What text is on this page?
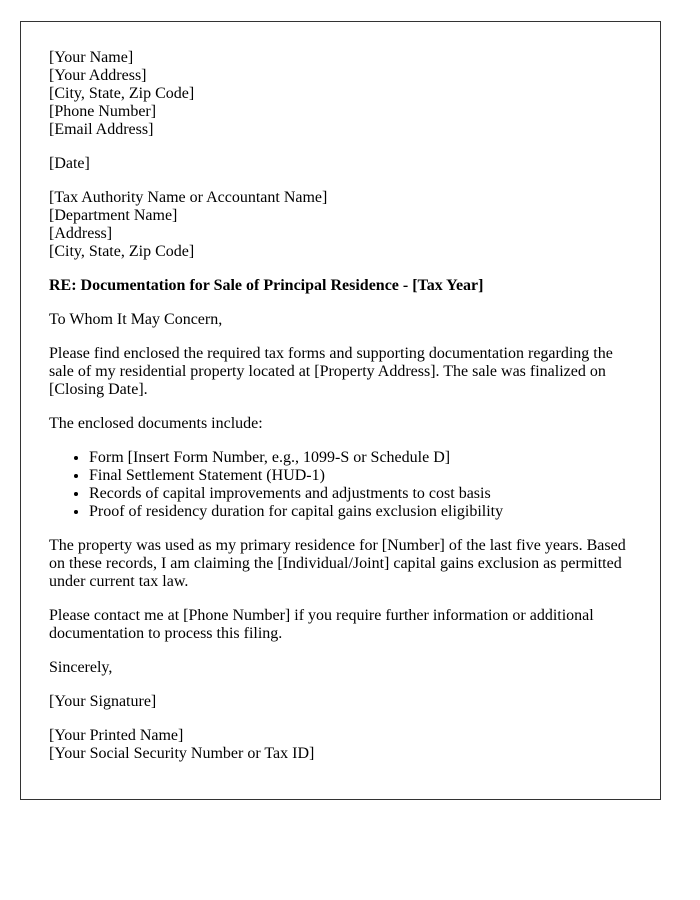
[Your Name]
[Your Address]
[City, State, Zip Code]
[Phone Number]
[Email Address]

[Date]

[Tax Authority Name or Accountant Name]
[Department Name]
[Address]
[City, State, Zip Code]

RE: Documentation for Sale of Principal Residence - [Tax Year]

To Whom It May Concern,

Please find enclosed the required tax forms and supporting documentation regarding the sale of my residential property located at [Property Address]. The sale was finalized on [Closing Date].

The enclosed documents include:

• Form [Insert Form Number, e.g., 1099-S or Schedule D]
• Final Settlement Statement (HUD-1)
• Records of capital improvements and adjustments to cost basis
• Proof of residency duration for capital gains exclusion eligibility

The property was used as my primary residence for [Number] of the last five years. Based on these records, I am claiming the [Individual/Joint] capital gains exclusion as permitted under current tax law.

Please contact me at [Phone Number] if you require further information or additional documentation to process this filing.

Sincerely,

[Your Signature]

[Your Printed Name]
[Your Social Security Number or Tax ID]
